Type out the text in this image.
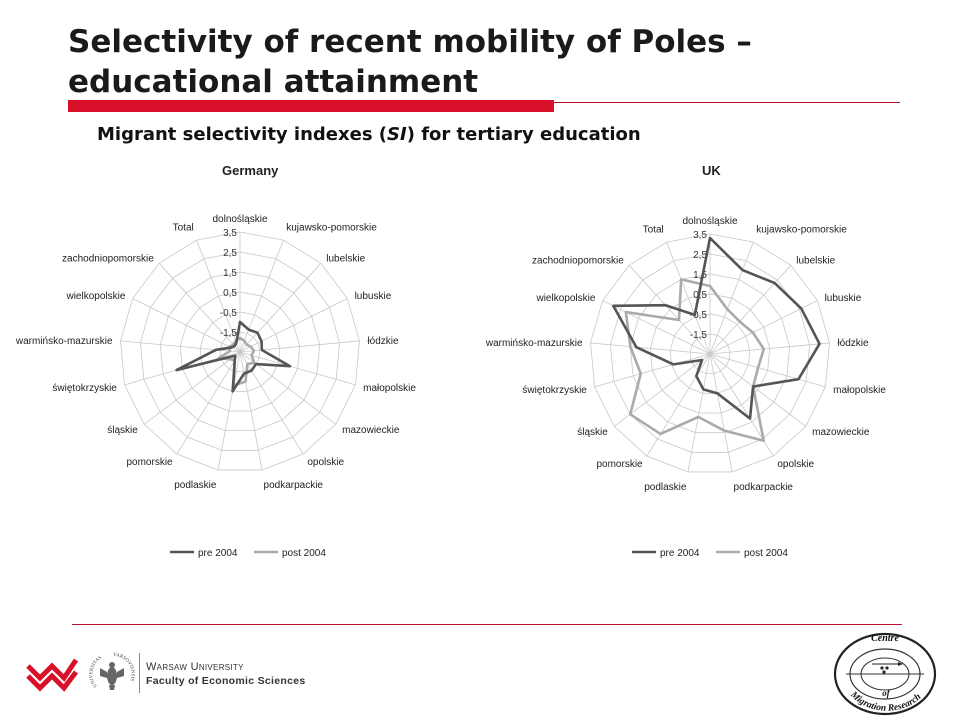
Selectivity of recent mobility of Poles – educational attainment
Migrant selectivity indexes (SI) for tertiary education
Germany
3,5
2,5
1,5
0,5
-0,5
-1,5
dolnośląskie
kujawsko-pomorskie
lubelskie
lubuskie
łódzkie
małopolskie
mazowieckie
opolskie
podkarpackie
podlaskie
pomorskie
śląskie
świętokrzyskie
warmińsko-mazurskie
wielkopolskie
zachodniopomorskie
Total
pre 2004	post 2004
UK
3,5
2,5
1,5
0,5
-0,5
-1,5
dolnośląskie
kujawsko-pomorskie
lubelskie
lubuskie
łódzkie
małopolskie
mazowieckie
opolskie
podkarpackie
podlaskie
pomorskie
śląskie
świętokrzyskie
warmińsko-mazurskie
wielkopolskie
zachodniopomorskie
Total
pre 2004	post 2004
UNIVERSITAS
VARSOVIENSIS
Warsaw University
Faculty of Economic Sciences
Centre
of
Migration Research
